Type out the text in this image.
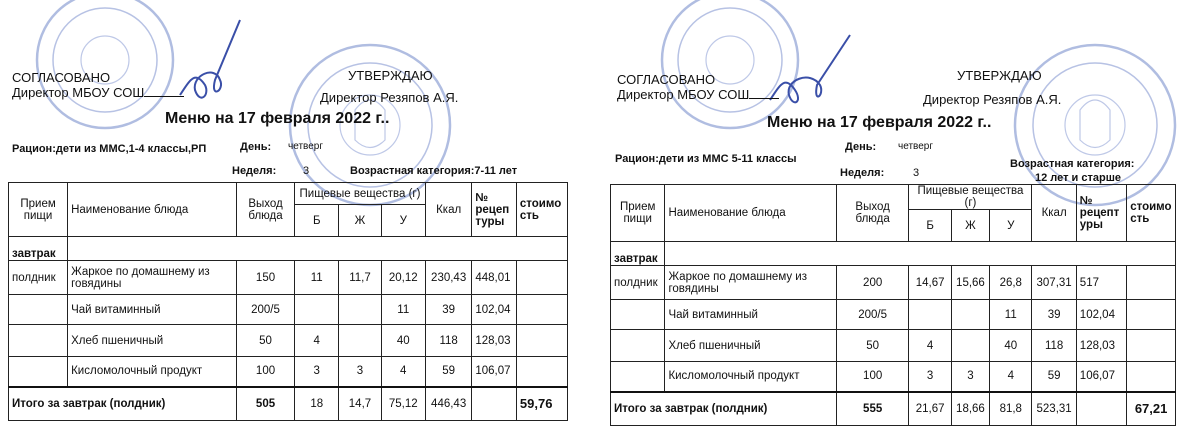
СОГЛАСОВАНО
Директор МБОУ СОШ
УТВЕРЖДАЮ
Директор Резяпов А.Я.
Меню на 17 февраля 2022 г..
Рацион:дети из ММС,1-4 классы,РП	День: четверг
Неделя: 3	Возрастная категория:7-11 лет
Прием пищи	Наименование блюда	Выход блюда	Пищевые вещества (г)			Ккал	№ рецеп туры	стоимо сть
			Б	Ж	У			
завтрак								
полдник	Жаркое по домашнему из говядины	150	11	11,7	20,12	230,43	448,01	
	Чай витаминный	200/5			11	39	102,04	
	Хлеб пшеничный	50	4		40	118	128,03	
	Кисломолочный продукт	100	3	3	4	59	106,07	
Итого за завтрак (полдник)		505	18	14,7	75,12	446,43		59,76
СОГЛАСОВАНО
Директор МБОУ СОШ
УТВЕРЖДАЮ
Директор Резяпов А.Я.
Меню на 17 февраля 2022 г..
Рацион:дети из ММС 5-11 классы
День: четверг
Неделя:	3
Возрастная категория:
12 лет и старше
Прием пищи	Наименование блюда	Выход блюда	Пищевые вещества (г)			Ккал	№ рецепт уры	стоимо сть
			Б	Ж	У			
завтрак								
полдник	Жаркое по домашнему из говядины	200	14,67	15,66	26,8	307,31	517	
	Чай витаминный	200/5			11	39	102,04	
	Хлеб пшеничный	50	4		40	118	128,03	
	Кисломолочный продукт	100	3	3	4	59	106,07	
Итого за завтрак (полдник)		555	21,67	18,66	81,8	523,31		67,21
